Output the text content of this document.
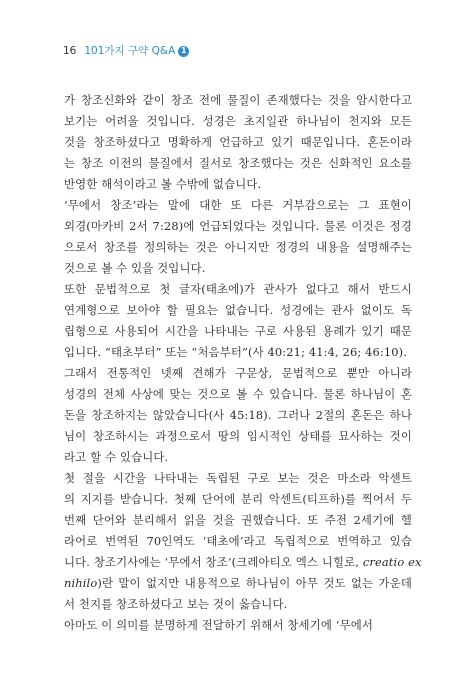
16 101가지 구약 Q&A 1
가 창조신화와 같이 창조 전에 물질이 존재했다는 것을 암시한다고
보기는 어려울 것입니다. 성경은 초지일관 하나님이 천지와 모든
것을 창조하셨다고 명확하게 언급하고 있기 때문입니다. 혼돈이라
는 창조 이전의 물질에서 질서로 창조했다는 것은 신화적인 요소를
반영한 해석이라고 볼 수밖에 없습니다.
‘무에서 창조’라는 말에 대한 또 다른 거부감으로는 그 표현이
외경(마카비 2서 7:28)에 언급되었다는 것입니다. 물론 이것은 정경
으로서 창조를 정의하는 것은 아니지만 정경의 내용을 설명해주는
것으로 볼 수 있을 것입니다.
또한 문법적으로 첫 글자(태초에)가 관사가 없다고 해서 반드시
연계형으로 보아야 할 필요는 없습니다. 성경에는 관사 없이도 독
립형으로 사용되어 시간을 나타내는 구로 사용된 용례가 있기 때문
입니다. “태초부터” 또는 “처음부터”(사 40:21; 41:4, 26; 46:10).
그래서 전통적인 넷째 견해가 구문상, 문법적으로 뿐만 아니라
성경의 전체 사상에 맞는 것으로 볼 수 있습니다. 물론 하나님이 혼
돈을 창조하지는 않았습니다(사 45:18). 그러나 2절의 혼돈은 하나
님이 창조하시는 과정으로서 땅의 임시적인 상태를 묘사하는 것이
라고 할 수 있습니다.
첫 절을 시간을 나타내는 독립된 구로 보는 것은 마소라 악센트
의 지지를 받습니다. 첫째 단어에 분리 악센트(티프하)를 찍어서 두
번째 단어와 분리해서 읽을 것을 권했습니다. 또 주전 2세기에 헬
라어로 번역된 70인역도 ‘태초에’라고 독립적으로 번역하고 있습
니다. 창조기사에는 ‘무에서 창조’(크레아티오 엑스 니힐로, creatio ex
nihilo)란 말이 없지만 내용적으로 하나님이 아무 것도 없는 가운데
서 천지를 창조하셨다고 보는 것이 옳습니다.
아마도 이 의미를 분명하게 전달하기 위해서 창세기에 ‘무에서
